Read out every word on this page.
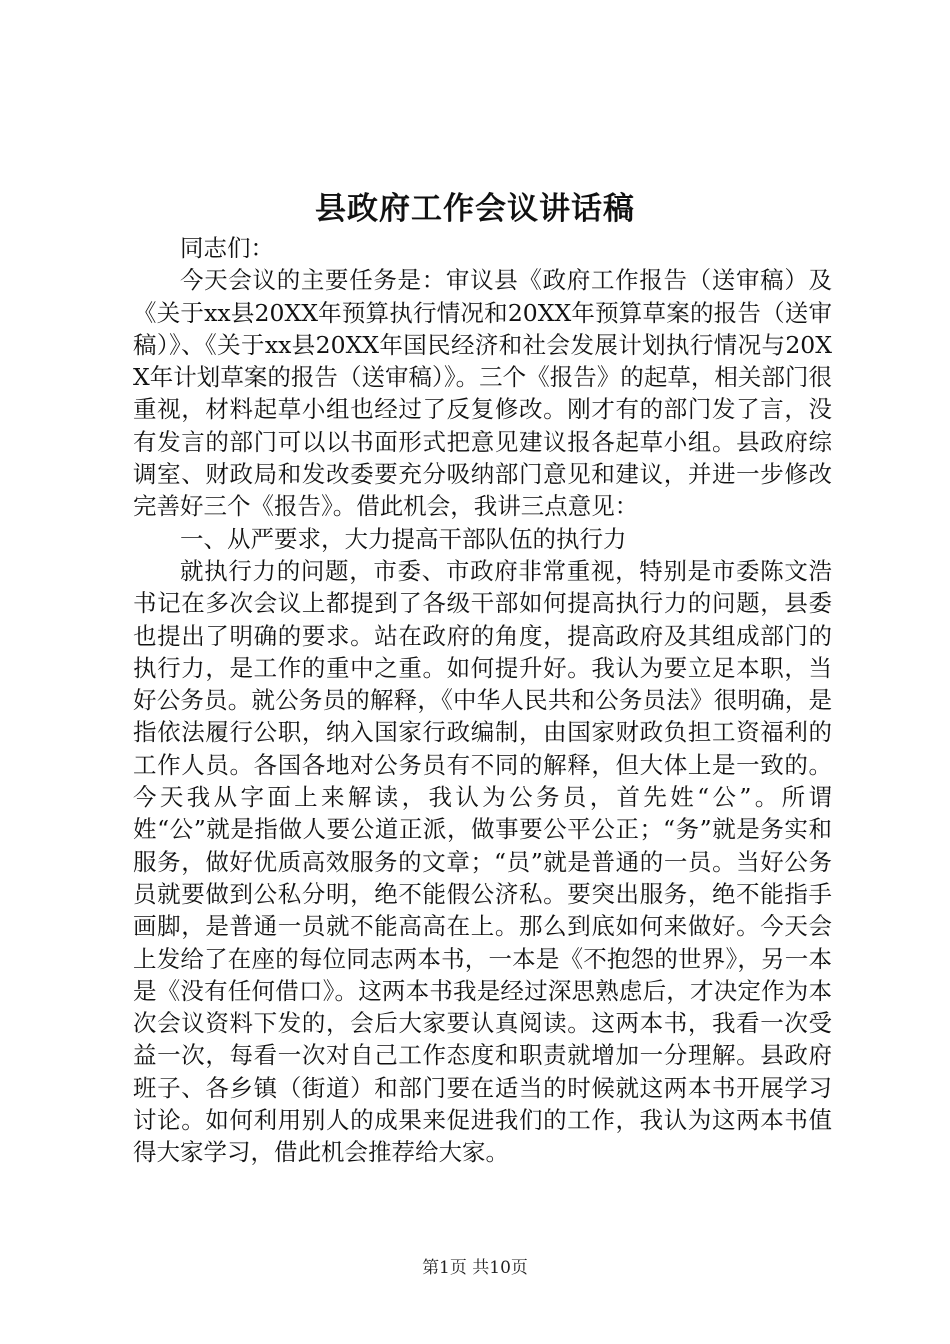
县政府工作会议讲话稿

同志们：

今天会议的主要任务是：审议县《政府工作报告（送审稿）及《关于xx县20XX年预算执行情况和20XX年预算草案的报告（送审稿）》、《关于xx县20XX年国民经济和社会发展计划执行情况与20XX年计划草案的报告（送审稿）》。三个《报告》的起草，相关部门很重视，材料起草小组也经过了反复修改。刚才有的部门发了言，没有发言的部门可以以书面形式把意见建议报各起草小组。县政府综调室、财政局和发改委要充分吸纳部门意见和建议，并进一步修改完善好三个《报告》。借此机会，我讲三点意见：

一、从严要求，大力提高干部队伍的执行力

就执行力的问题，市委、市政府非常重视，特别是市委陈文浩书记在多次会议上都提到了各级干部如何提高执行力的问题，县委也提出了明确的要求。站在政府的角度，提高政府及其组成部门的执行力，是工作的重中之重。如何提升好。我认为要立足本职，当好公务员。就公务员的解释，《中华人民共和公务员法》很明确，是指依法履行公职，纳入国家行政编制，由国家财政负担工资福利的工作人员。各国各地对公务员有不同的解释，但大体上是一致的。今天我从字面上来解读，我认为公务员，首先姓“公”。所谓姓“公”就是指做人要公道正派，做事要公平公正；“务”就是务实和服务，做好优质高效服务的文章；“员”就是普通的一员。当好公务员就要做到公私分明，绝不能假公济私。要突出服务，绝不能指手画脚，是普通一员就不能高高在上。那么到底如何来做好。今天会上发给了在座的每位同志两本书，一本是《不抱怨的世界》，另一本是《没有任何借口》。这两本书我是经过深思熟虑后，才决定作为本次会议资料下发的，会后大家要认真阅读。这两本书，我看一次受益一次，每看一次对自己工作态度和职责就增加一分理解。县政府班子、各乡镇（街道）和部门要在适当的时候就这两本书开展学习讨论。如何利用别人的成果来促进我们的工作，我认为这两本书值得大家学习，借此机会推荐给大家。

第1页 共10页
